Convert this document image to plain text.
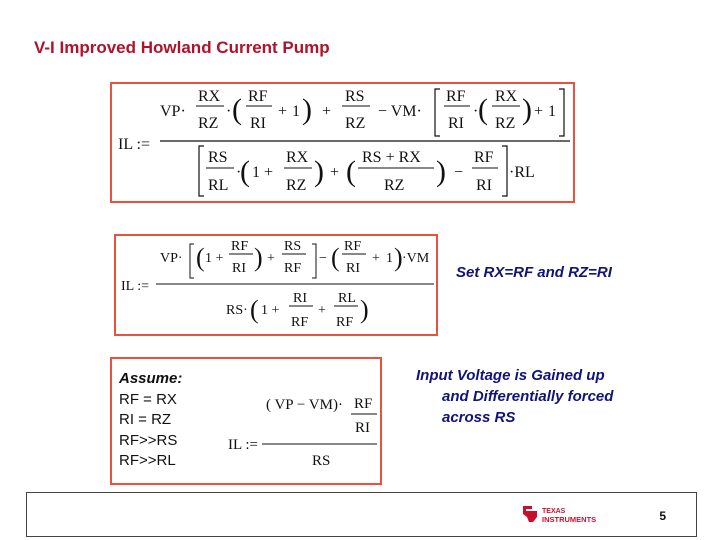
V-I Improved Howland Current Pump
IL :=
VP·
RX
RZ
· ( RF
RI
+ 1 ) +
RS
RZ
− VM·
RF
RI
· ( RX
RZ ) + 1
RS
RL
·
( 1 +
RX
RZ ) + ( RS + RX
RZ ) −
RF
RI
·RL
IL :=
VP· ( 1 +
RF
RI ) +
RS
RF
− ( RF
RI
+ 1 ) ·VM
RS· ( 1 +
RI
RF
+
RL
RF )
Set RX=RF and RZ=RI
( VP − VM)· RF
RI
IL :=
RS
Assume:
RF = RX
RI = RZ
RF>>RS
RF>>RL
Input Voltage is Gained up
and Differentially forced
across RS
TEXAS
INSTRUMENTS	5
